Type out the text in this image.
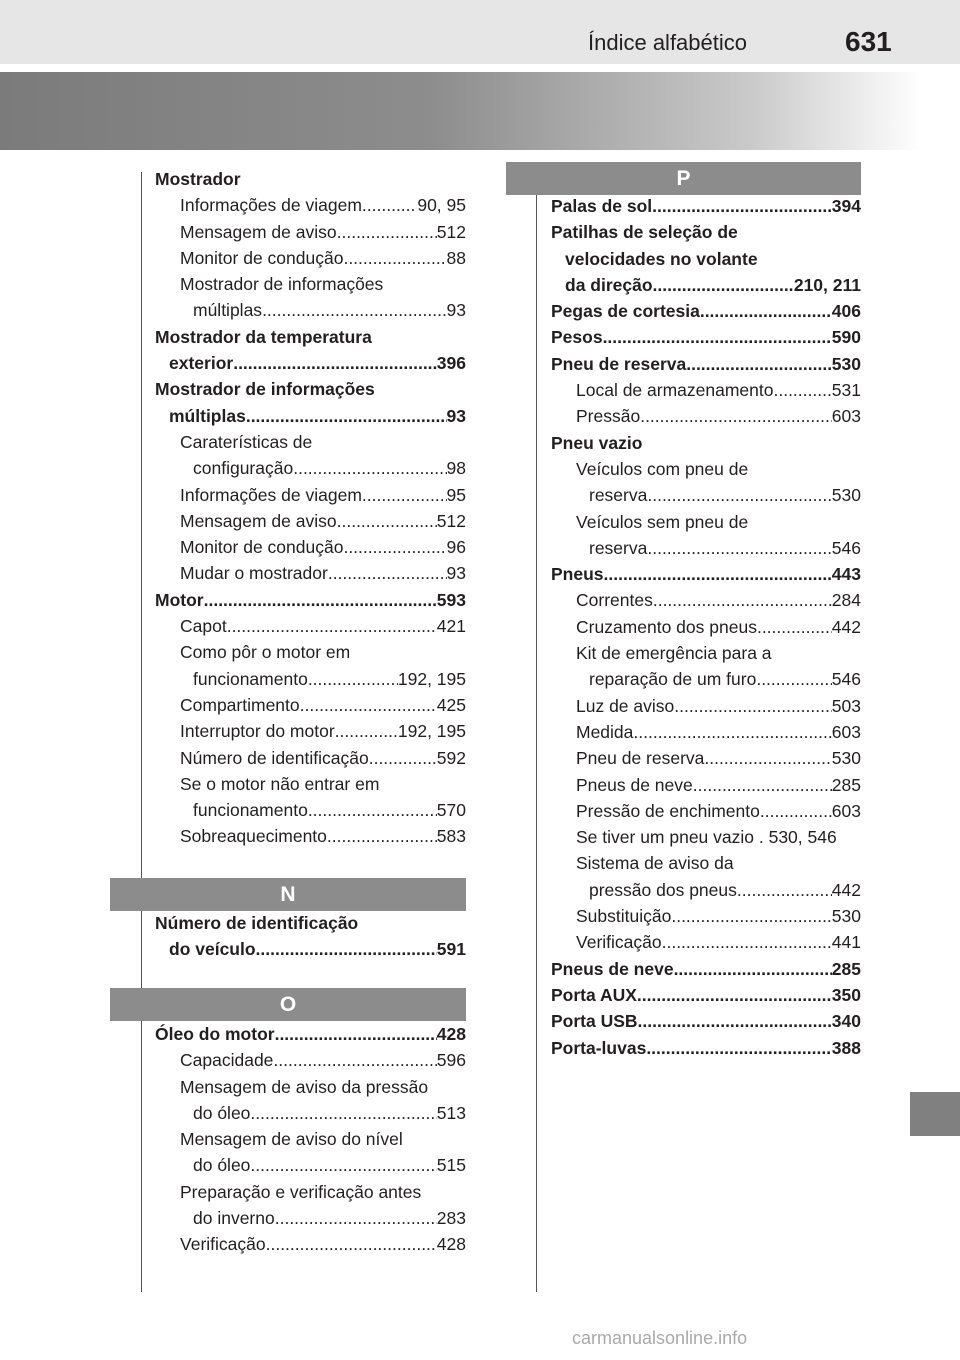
Índice alfabético	631
Mostrador
Informações de viagem .....	90, 95
Mensagem de aviso .....	512
Monitor de condução .....	88
Mostrador de informações
múltiplas .....	93
Mostrador da temperatura
exterior .....	396
Mostrador de informações
múltiplas .....	93
Caraterísticas de
configuração .....	98
Informações de viagem .....	95
Mensagem de aviso .....	512
Monitor de condução .....	96
Mudar o mostrador .....	93
Motor .....	593
Capot .....	421
Como pôr o motor em
funcionamento .....	192, 195
Compartimento .....	425
Interruptor do motor .....	192, 195
Número de identificação .....	592
Se o motor não entrar em
funcionamento .....	570
Sobreaquecimento .....	583
N
Número de identificação
do veículo .....	591
O
Óleo do motor .....	428
Capacidade .....	596
Mensagem de aviso da pressão
do óleo .....	513
Mensagem de aviso do nível
do óleo .....	515
Preparação e verificação antes
do inverno .....	283
Verificação .....	428
P
Palas de sol .....	394
Patilhas de seleção de
velocidades no volante
da direção .....	210, 211
Pegas de cortesia .....	406
Pesos .....	590
Pneu de reserva .....	530
Local de armazenamento .....	531
Pressão .....	603
Pneu vazio
Veículos com pneu de
reserva .....	530
Veículos sem pneu de
reserva .....	546
Pneus .....	443
Correntes .....	284
Cruzamento dos pneus .....	442
Kit de emergência para a
reparação de um furo .....	546
Luz de aviso .....	503
Medida .....	603
Pneu de reserva .....	530
Pneus de neve .....	285
Pressão de enchimento .....	603
Se tiver um pneu vazio . 530, 546
Sistema de aviso da
pressão dos pneus .....	442
Substituição .....	530
Verificação .....	441
Pneus de neve .....	285
Porta AUX .....	350
Porta USB .....	340
Porta-luvas .....	388
carmanualsonline.info
